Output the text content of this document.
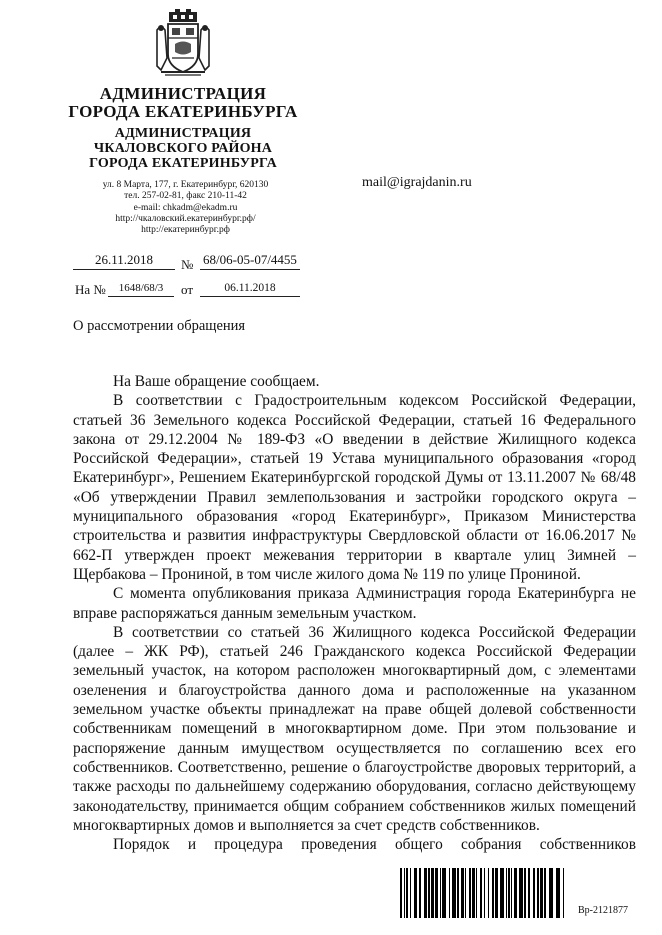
АДМИНИСТРАЦИЯ
ГОРОДА ЕКАТЕРИНБУРГА
АДМИНИСТРАЦИЯ
ЧКАЛОВСКОГО РАЙОНА
ГОРОДА ЕКАТЕРИНБУРГА
ул. 8 Марта, 177, г. Екатеринбург, 620130
тел. 257-02-81, факс 210-11-42
e-mail: chkadm@ekadm.ru
http://чкаловский.екатеринбург.рф/
http://екатеринбург.рф
mail@igrajdanin.ru
26.11.2018	№ 68/06-05-07/4455
На №	1648/68/3	от	06.11.2018
О рассмотрении обращения

На Ваше обращение сообщаем.

В соответствии с Градостроительным кодексом Российской Федерации, статьей 36 Земельного кодекса Российской Федерации, статьей 16 Федерального закона от 29.12.2004 № 189-ФЗ «О введении в действие Жилищного кодекса Российской Федерации», статьей 19 Устава муниципального образования «город Екатеринбург», Решением Екатеринбургской городской Думы от 13.11.2007 № 68/48 «Об утверждении Правил землепользования и застройки городского округа – муниципального образования «город Екатеринбург», Приказом Министерства строительства и развития инфраструктуры Свердловской области от 16.06.2017 № 662-П утвержден проект межевания территории в квартале улиц Зимней – Щербакова – Прониной, в том числе жилого дома № 119 по улице Прониной.

С момента опубликования приказа Администрация города Екатеринбурга не вправе распоряжаться данным земельным участком.

В соответствии со статьей 36 Жилищного кодекса Российской Федерации (далее – ЖК РФ), статьей 246 Гражданского кодекса Российской Федерации земельный участок, на котором расположен многоквартирный дом, с элементами озеленения и благоустройства данного дома и расположенные на указанном земельном участке объекты принадлежат на праве общей долевой собственности собственникам помещений в многоквартирном доме. При этом пользование и распоряжение данным имуществом осуществляется по соглашению всех его собственников. Соответственно, решение о благоустройстве дворовых территорий, а также расходы по дальнейшему содержанию оборудования, согласно действующему законодательству, принимается общим собранием собственников жилых помещений многоквартирных домов и выполняется за счет средств собственников.

Порядок и процедура проведения общего собрания собственников

Вр-2121877
